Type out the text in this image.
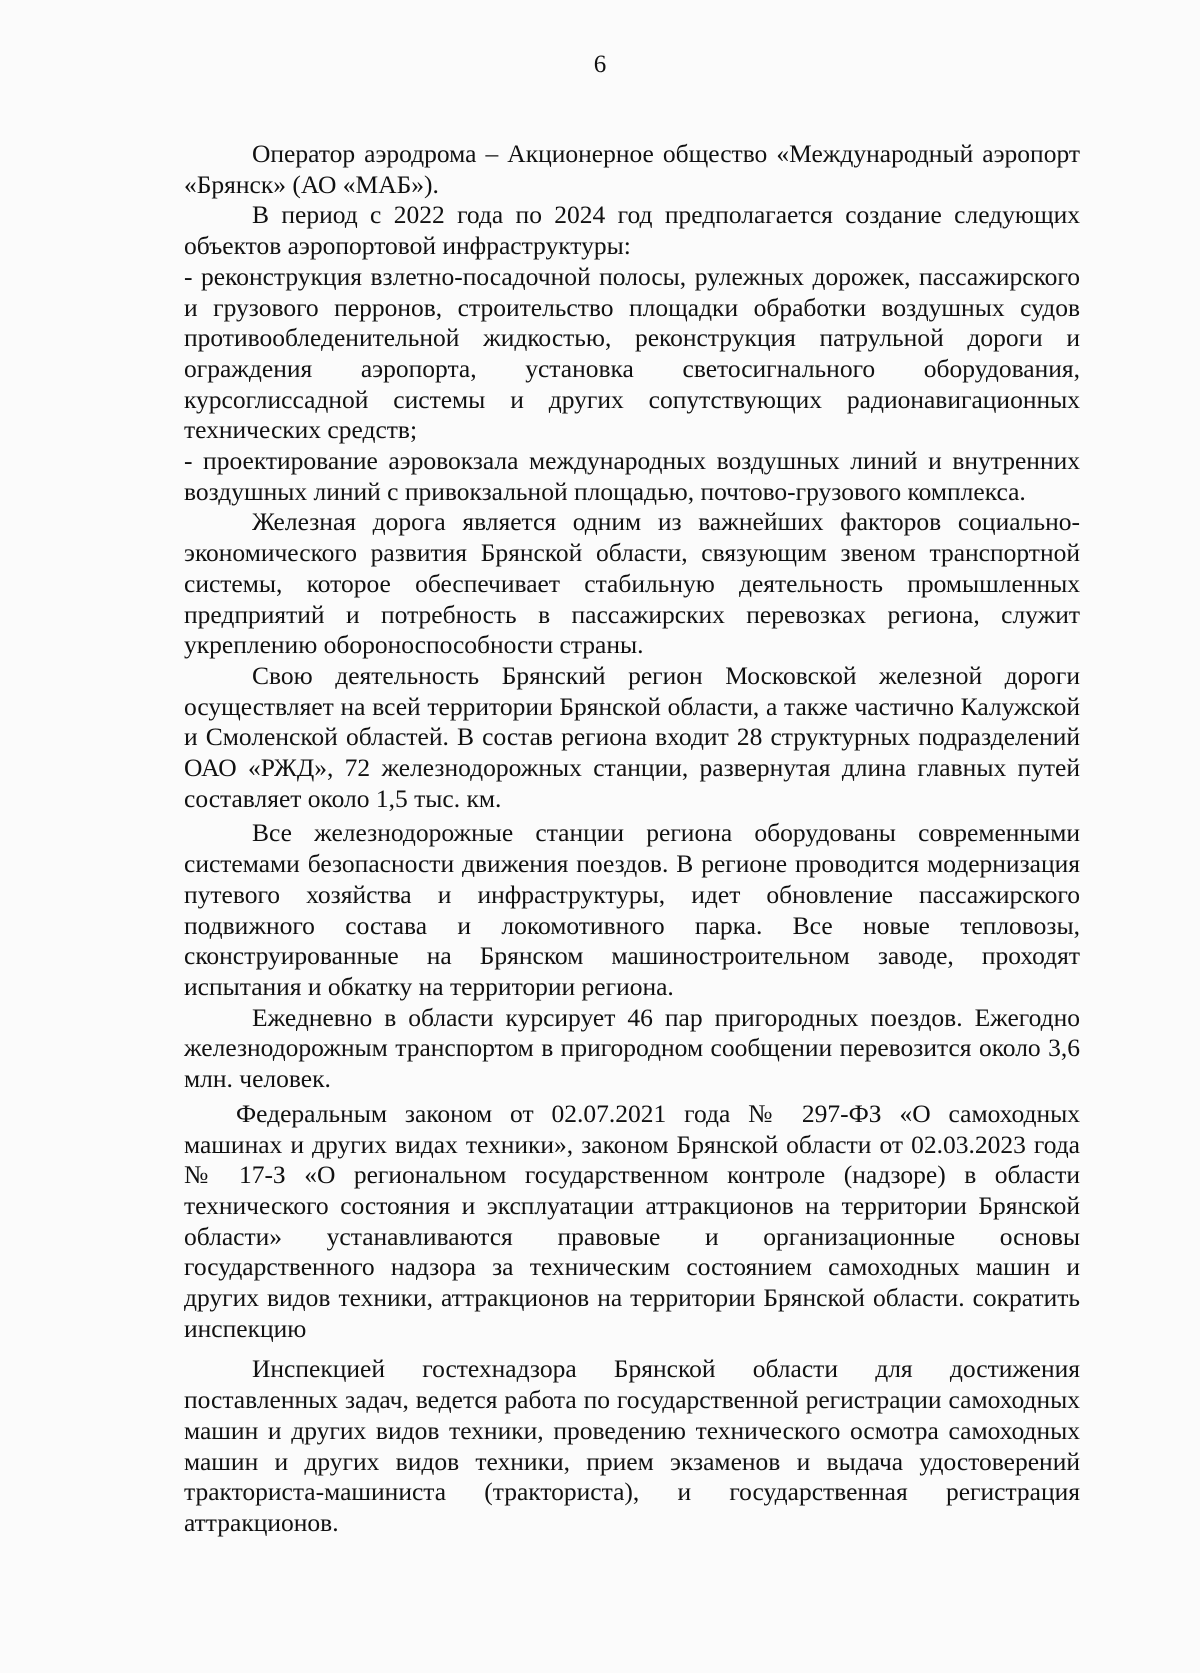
6

Оператор аэродрома – Акционерное общество «Международный аэропорт «Брянск» (АО «МАБ»).

В период с 2022 года по 2024 год предполагается создание следующих объектов аэропортовой инфраструктуры:

- реконструкция взлетно-посадочной полосы, рулежных дорожек, пассажирского и грузового перронов, строительство площадки обработки воздушных судов противообледенительной жидкостью, реконструкция патрульной дороги и ограждения аэропорта, установка светосигнального оборудования, курсоглиссадной системы и других сопутствующих радионавигационных технических средств;

- проектирование аэровокзала международных воздушных линий и внутренних воздушных линий с привокзальной площадью, почтово-грузового комплекса.

Железная дорога является одним из важнейших факторов социально-экономического развития Брянской области, связующим звеном транспортной системы, которое обеспечивает стабильную деятельность промышленных предприятий и потребность в пассажирских перевозках региона, служит укреплению обороноспособности страны.

Свою деятельность Брянский регион Московской железной дороги осуществляет на всей территории Брянской области, а также частично Калужской и Смоленской областей. В состав региона входит 28 структурных подразделений ОАО «РЖД», 72 железнодорожных станции, развернутая длина главных путей составляет около 1,5 тыс. км.

Все железнодорожные станции региона оборудованы современными системами безопасности движения поездов. В регионе проводится модернизация путевого хозяйства и инфраструктуры, идет обновление пассажирского подвижного состава и локомотивного парка. Все новые тепловозы, сконструированные на Брянском машиностроительном заводе, проходят испытания и обкатку на территории региона.

Ежедневно в области курсирует 46 пар пригородных поездов. Ежегодно железнодорожным транспортом в пригородном сообщении перевозится около 3,6 млн. человек.

Федеральным законом от 02.07.2021 года № 297-ФЗ «О самоходных машинах и других видах техники», законом Брянской области от 02.03.2023 года № 17-З «О региональном государственном контроле (надзоре) в области технического состояния и эксплуатации аттракционов на территории Брянской области» устанавливаются правовые и организационные основы государственного надзора за техническим состоянием самоходных машин и других видов техники, аттракционов на территории Брянской области. сократить инспекцию

Инспекцией гостехнадзора Брянской области для достижения поставленных задач, ведется работа по государственной регистрации самоходных машин и других видов техники, проведению технического осмотра самоходных машин и других видов техники, прием экзаменов и выдача удостоверений тракториста-машиниста (тракториста), и государственная регистрация аттракционов.
